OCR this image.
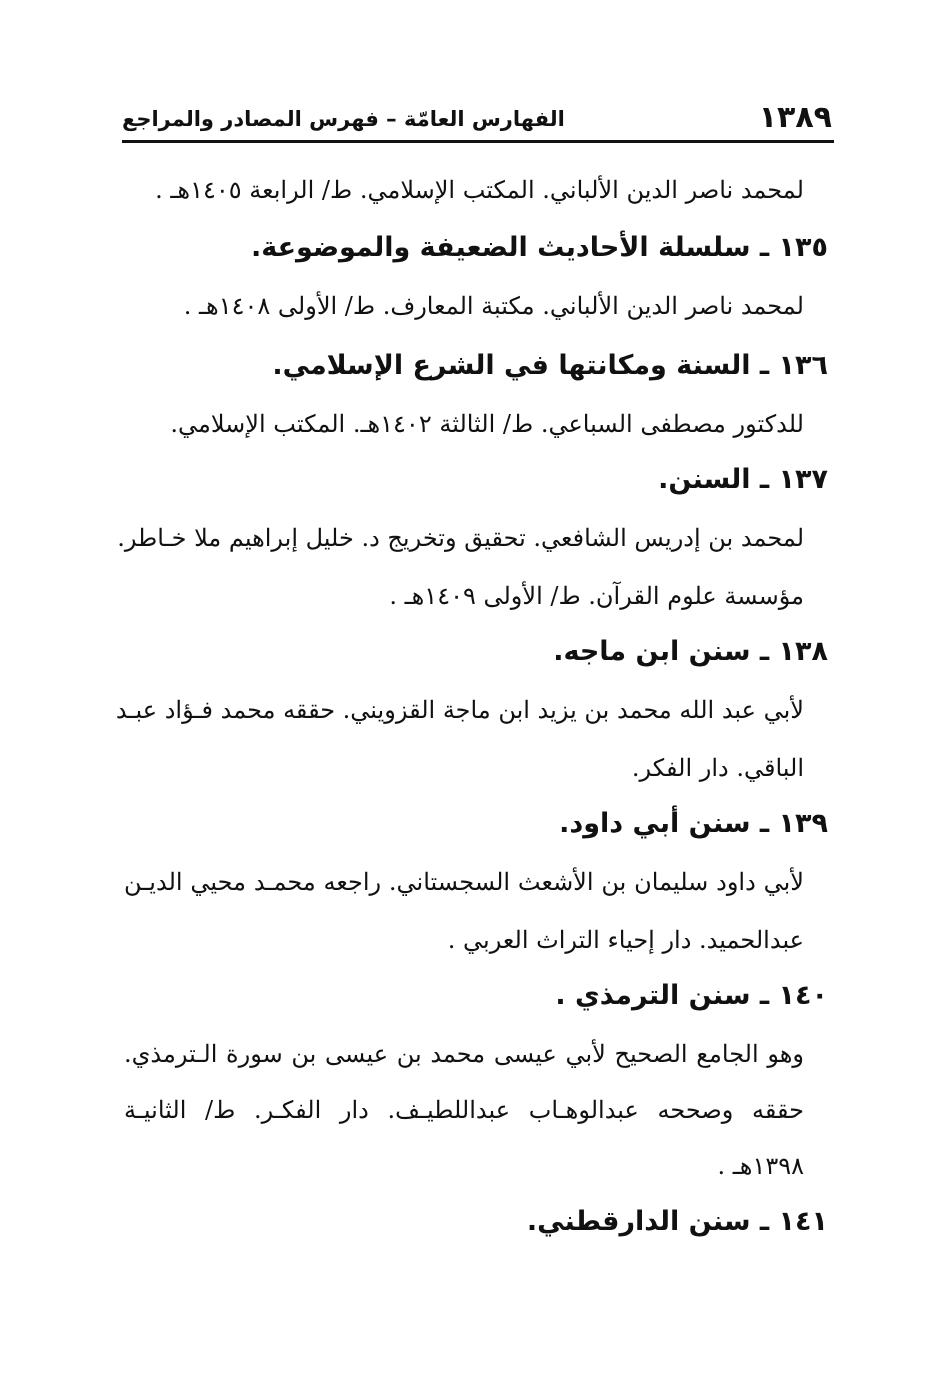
١٣٨٩
الفهارس العامّة – فهرس المصادر والمراجع
لمحمد ناصر الدين الألباني. المكتب الإسلامي. ط/ الرابعة ١٤٠٥هـ .
١٣٥ ـ سلسلة الأحاديث الضعيفة والموضوعة.
لمحمد ناصر الدين الألباني. مكتبة المعارف. ط/ الأولى ١٤٠٨هـ .
١٣٦ ـ السنة ومكانتها في الشرع الإسلامي.
للدكتور مصطفى السباعي. ط/ الثالثة ١٤٠٢هـ. المكتب الإسلامي.
١٣٧ ـ السنن.
لمحمد بن إدريس الشافعي. تحقيق وتخريج د. خليل إبراهيم ملا خـاطر.
مؤسسة علوم القرآن. ط/ الأولى ١٤٠٩هـ .
١٣٨ ـ سنن ابن ماجه.
لأبي عبد الله محمد بن يزيد ابن ماجة القزويني. حققه محمد فـؤاد عبـد
الباقي. دار الفكر.
١٣٩ ـ سنن أبي داود.
لأبي داود سليمان بن الأشعث السجستاني. راجعه محمـد محيي الديـن
عبدالحميد. دار إحياء التراث العربي .
١٤٠ ـ سنن الترمذي .
وهو الجامع الصحيح لأبي عيسى محمد بن عيسى بن سورة الـترمذي.
حققه وصححه عبدالوهـاب عبداللطيـف. دار الفكـر. ط/ الثانيـة
١٣٩٨هـ .
١٤١ ـ سنن الدارقطني.
